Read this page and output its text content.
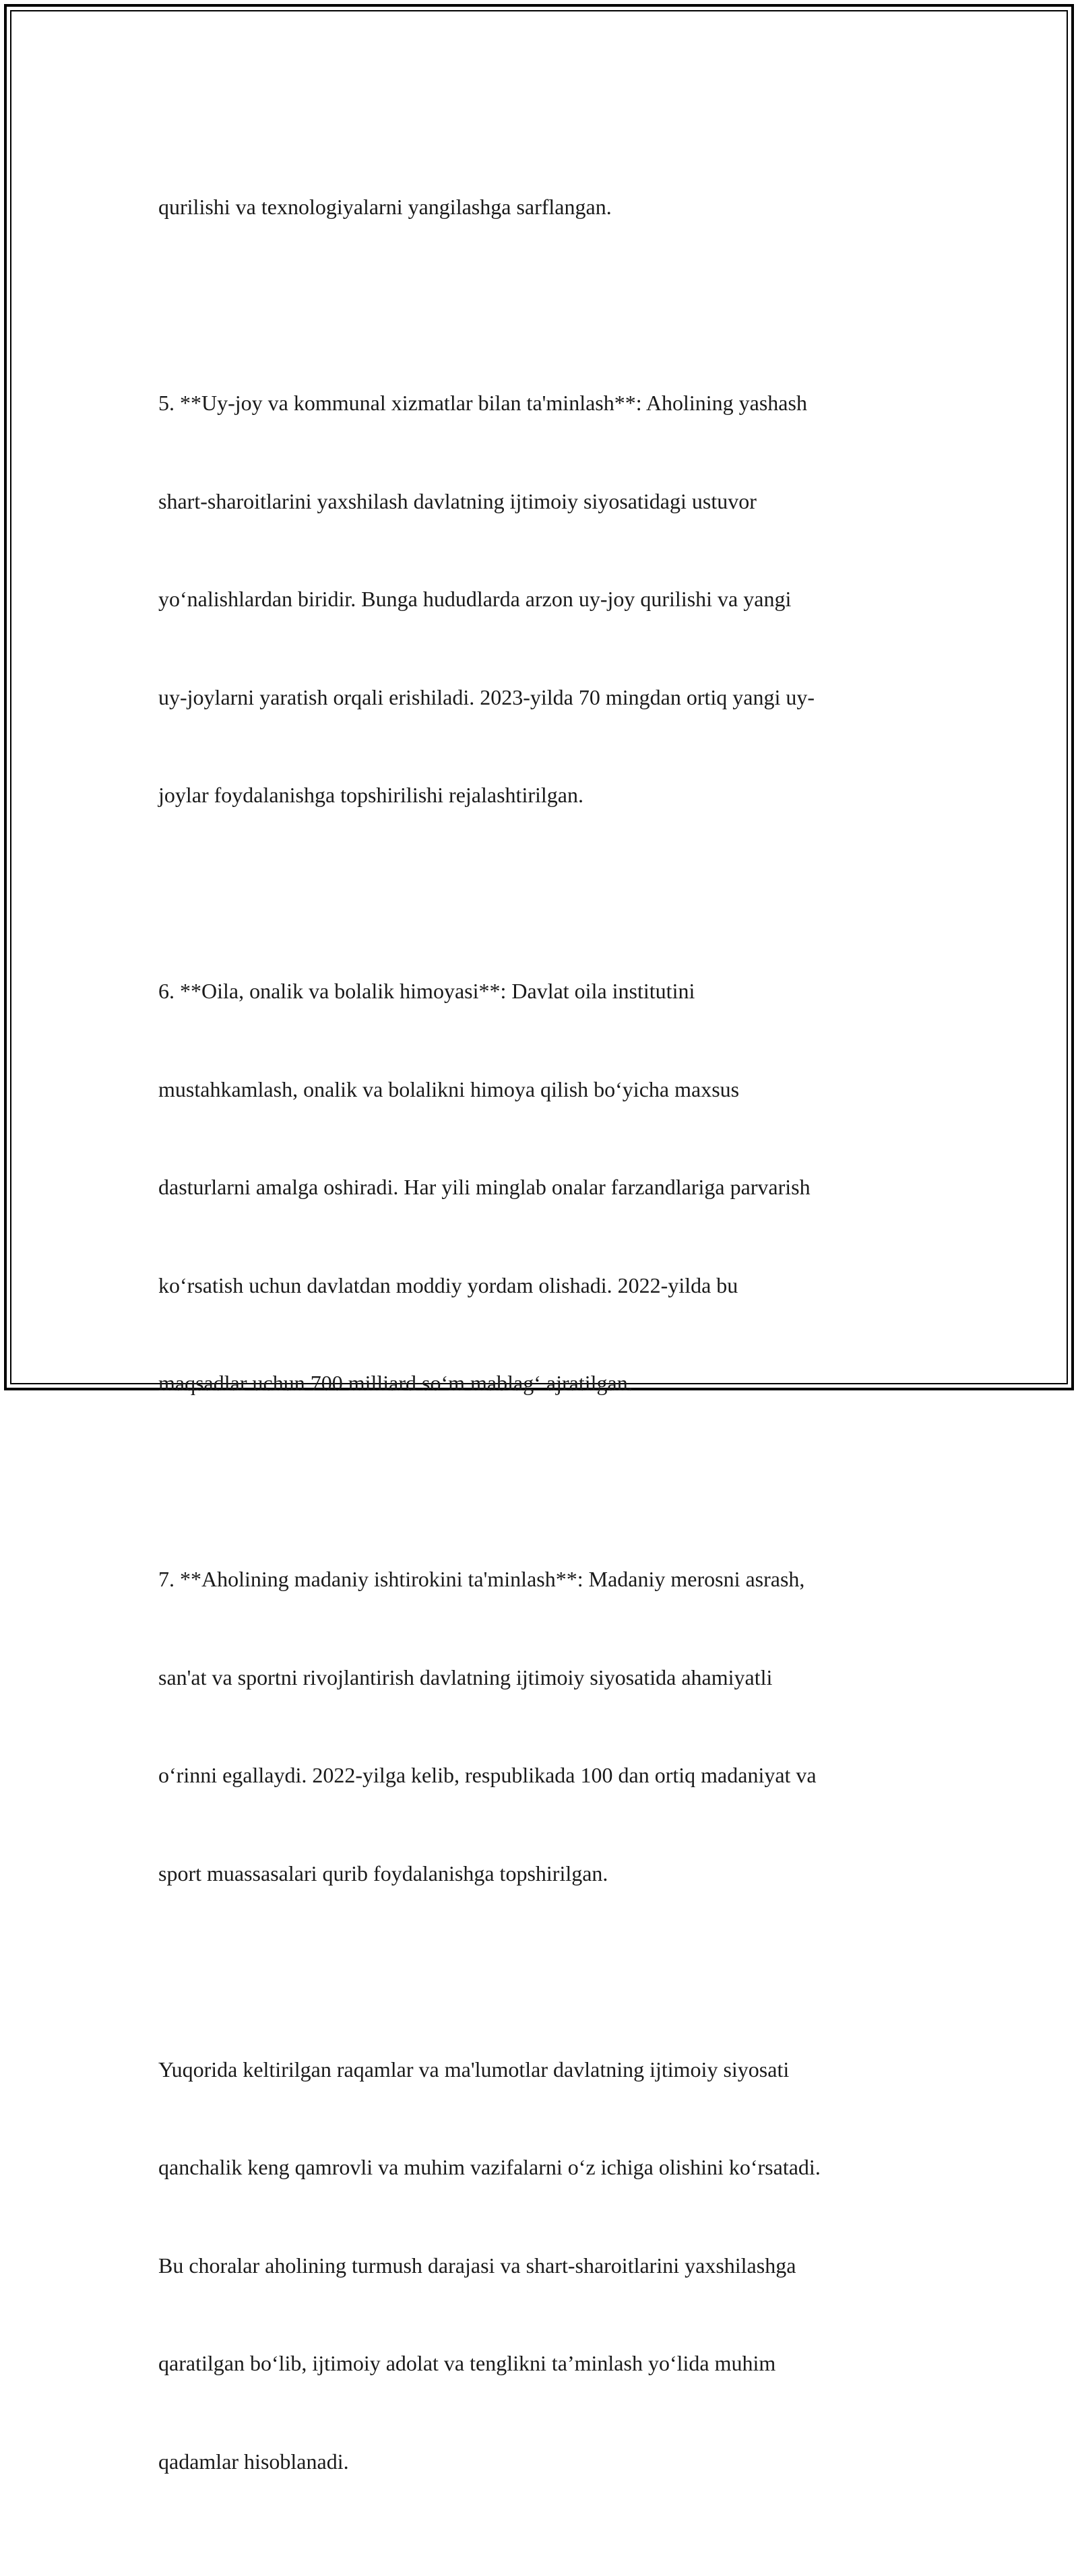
qurilishi va texnologiyalarni yangilashga sarflangan.

5. **Uy-joy va kommunal xizmatlar bilan ta'minlash**: Aholining yashash

shart-sharoitlarini yaxshilash davlatning ijtimoiy siyosatidagi ustuvor

yo‘nalishlardan biridir. Bunga hududlarda arzon uy-joy qurilishi va yangi

uy-joylarni yaratish orqali erishiladi. 2023-yilda 70 mingdan ortiq yangi uy-

joylar foydalanishga topshirilishi rejalashtirilgan.

6. **Oila, onalik va bolalik himoyasi**: Davlat oila institutini

mustahkamlash, onalik va bolalikni himoya qilish bo‘yicha maxsus

dasturlarni amalga oshiradi. Har yili minglab onalar farzandlariga parvarish

ko‘rsatish uchun davlatdan moddiy yordam olishadi. 2022-yilda bu

maqsadlar uchun 700 milliard so‘m mablag‘ ajratilgan.

7. **Aholining madaniy ishtirokini ta'minlash**: Madaniy merosni asrash,

san'at va sportni rivojlantirish davlatning ijtimoiy siyosatida ahamiyatli

o‘rinni egallaydi. 2022-yilga kelib, respublikada 100 dan ortiq madaniyat va

sport muassasalari qurib foydalanishga topshirilgan.

Yuqorida keltirilgan raqamlar va ma'lumotlar davlatning ijtimoiy siyosati

qanchalik keng qamrovli va muhim vazifalarni o‘z ichiga olishini ko‘rsatadi.

Bu choralar aholining turmush darajasi va shart-sharoitlarini yaxshilashga

qaratilgan bo‘lib, ijtimoiy adolat va tenglikni ta’minlash yo‘lida muhim

qadamlar hisoblanadi.
